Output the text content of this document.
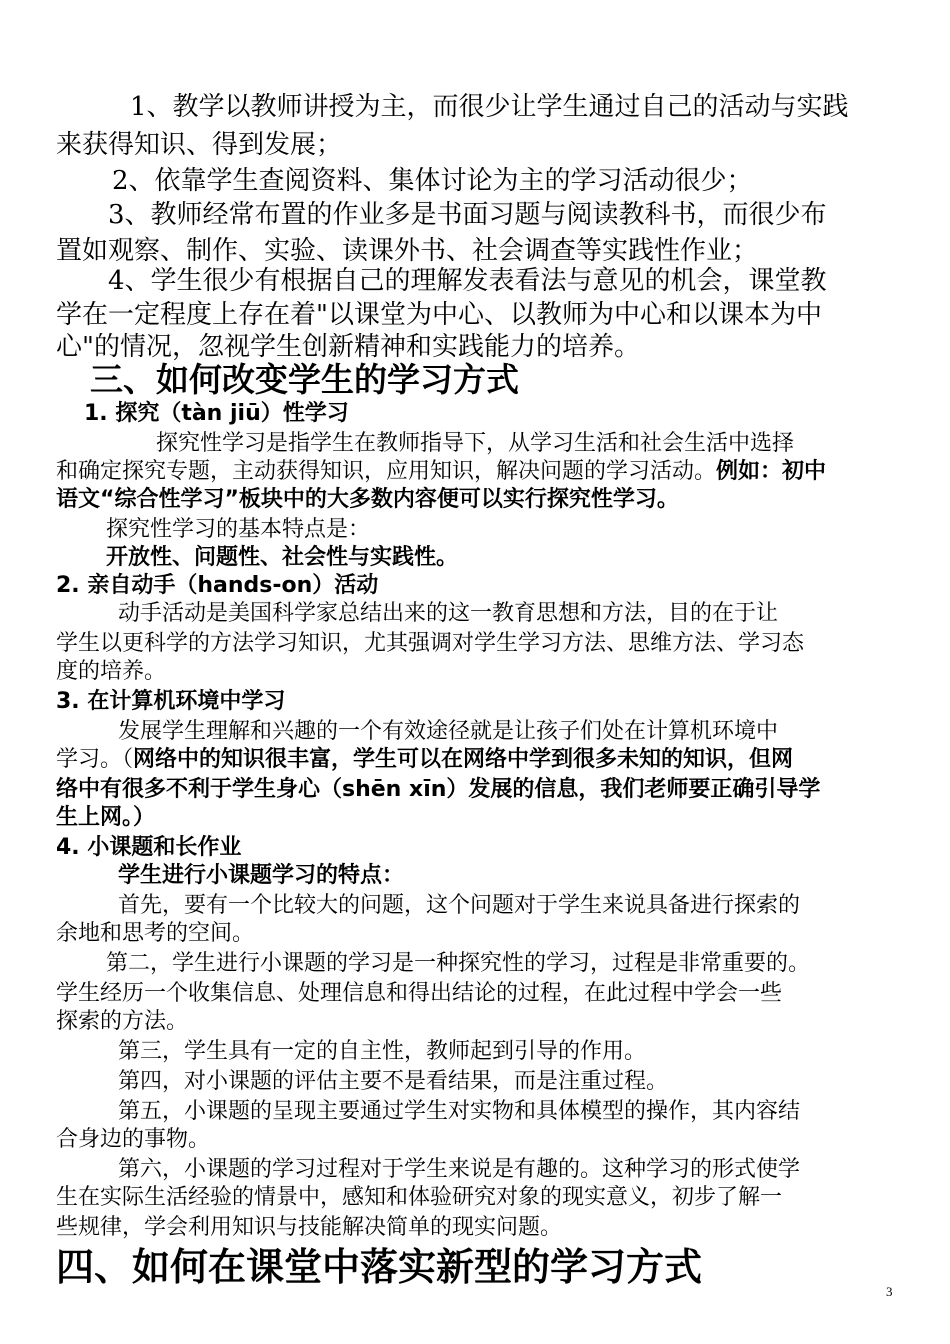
1、教学以教师讲授为主，而很少让学生通过自己的活动与实践
来获得知识、得到发展；
2、依靠学生查阅资料、集体讨论为主的学习活动很少；
3、教师经常布置的作业多是书面习题与阅读教科书，而很少布
置如观察、制作、实验、读课外书、社会调查等实践性作业；
4、学生很少有根据自己的理解发表看法与意见的机会，课堂教
学在一定程度上存在着"以课堂为中心、以教师为中心和以课本为中
心"的情况，忽视学生创新精神和实践能力的培养。
三、如何改变学生的学习方式
1. 探究（tàn jiū）性学习
探究性学习是指学生在教师指导下，从学习生活和社会生活中选择
和确定探究专题，主动获得知识，应用知识，解决问题的学习活动。例如：初中
语文“综合性学习”板块中的大多数内容便可以实行探究性学习。
探究性学习的基本特点是：
开放性、问题性、社会性与实践性。
2. 亲自动手（hands-on）活动
动手活动是美国科学家总结出来的这一教育思想和方法，目的在于让
学生以更科学的方法学习知识，尤其强调对学生学习方法、思维方法、学习态
度的培养。
3. 在计算机环境中学习
发展学生理解和兴趣的一个有效途径就是让孩子们处在计算机环境中
学习。（网络中的知识很丰富，学生可以在网络中学到很多未知的知识，但网
络中有很多不利于学生身心（shēn xīn）发展的信息，我们老师要正确引导学
生上网。）
4. 小课题和长作业
学生进行小课题学习的特点：
首先，要有一个比较大的问题，这个问题对于学生来说具备进行探索的
余地和思考的空间。
第二，学生进行小课题的学习是一种探究性的学习，过程是非常重要的。
学生经历一个收集信息、处理信息和得出结论的过程，在此过程中学会一些
探索的方法。
第三，学生具有一定的自主性，教师起到引导的作用。
第四，对小课题的评估主要不是看结果，而是注重过程。
第五，小课题的呈现主要通过学生对实物和具体模型的操作，其内容结
合身边的事物。
第六，小课题的学习过程对于学生来说是有趣的。这种学习的形式使学
生在实际生活经验的情景中，感知和体验研究对象的现实意义，初步了解一
些规律，学会利用知识与技能解决简单的现实问题。
四、如何在课堂中落实新型的学习方式
3
